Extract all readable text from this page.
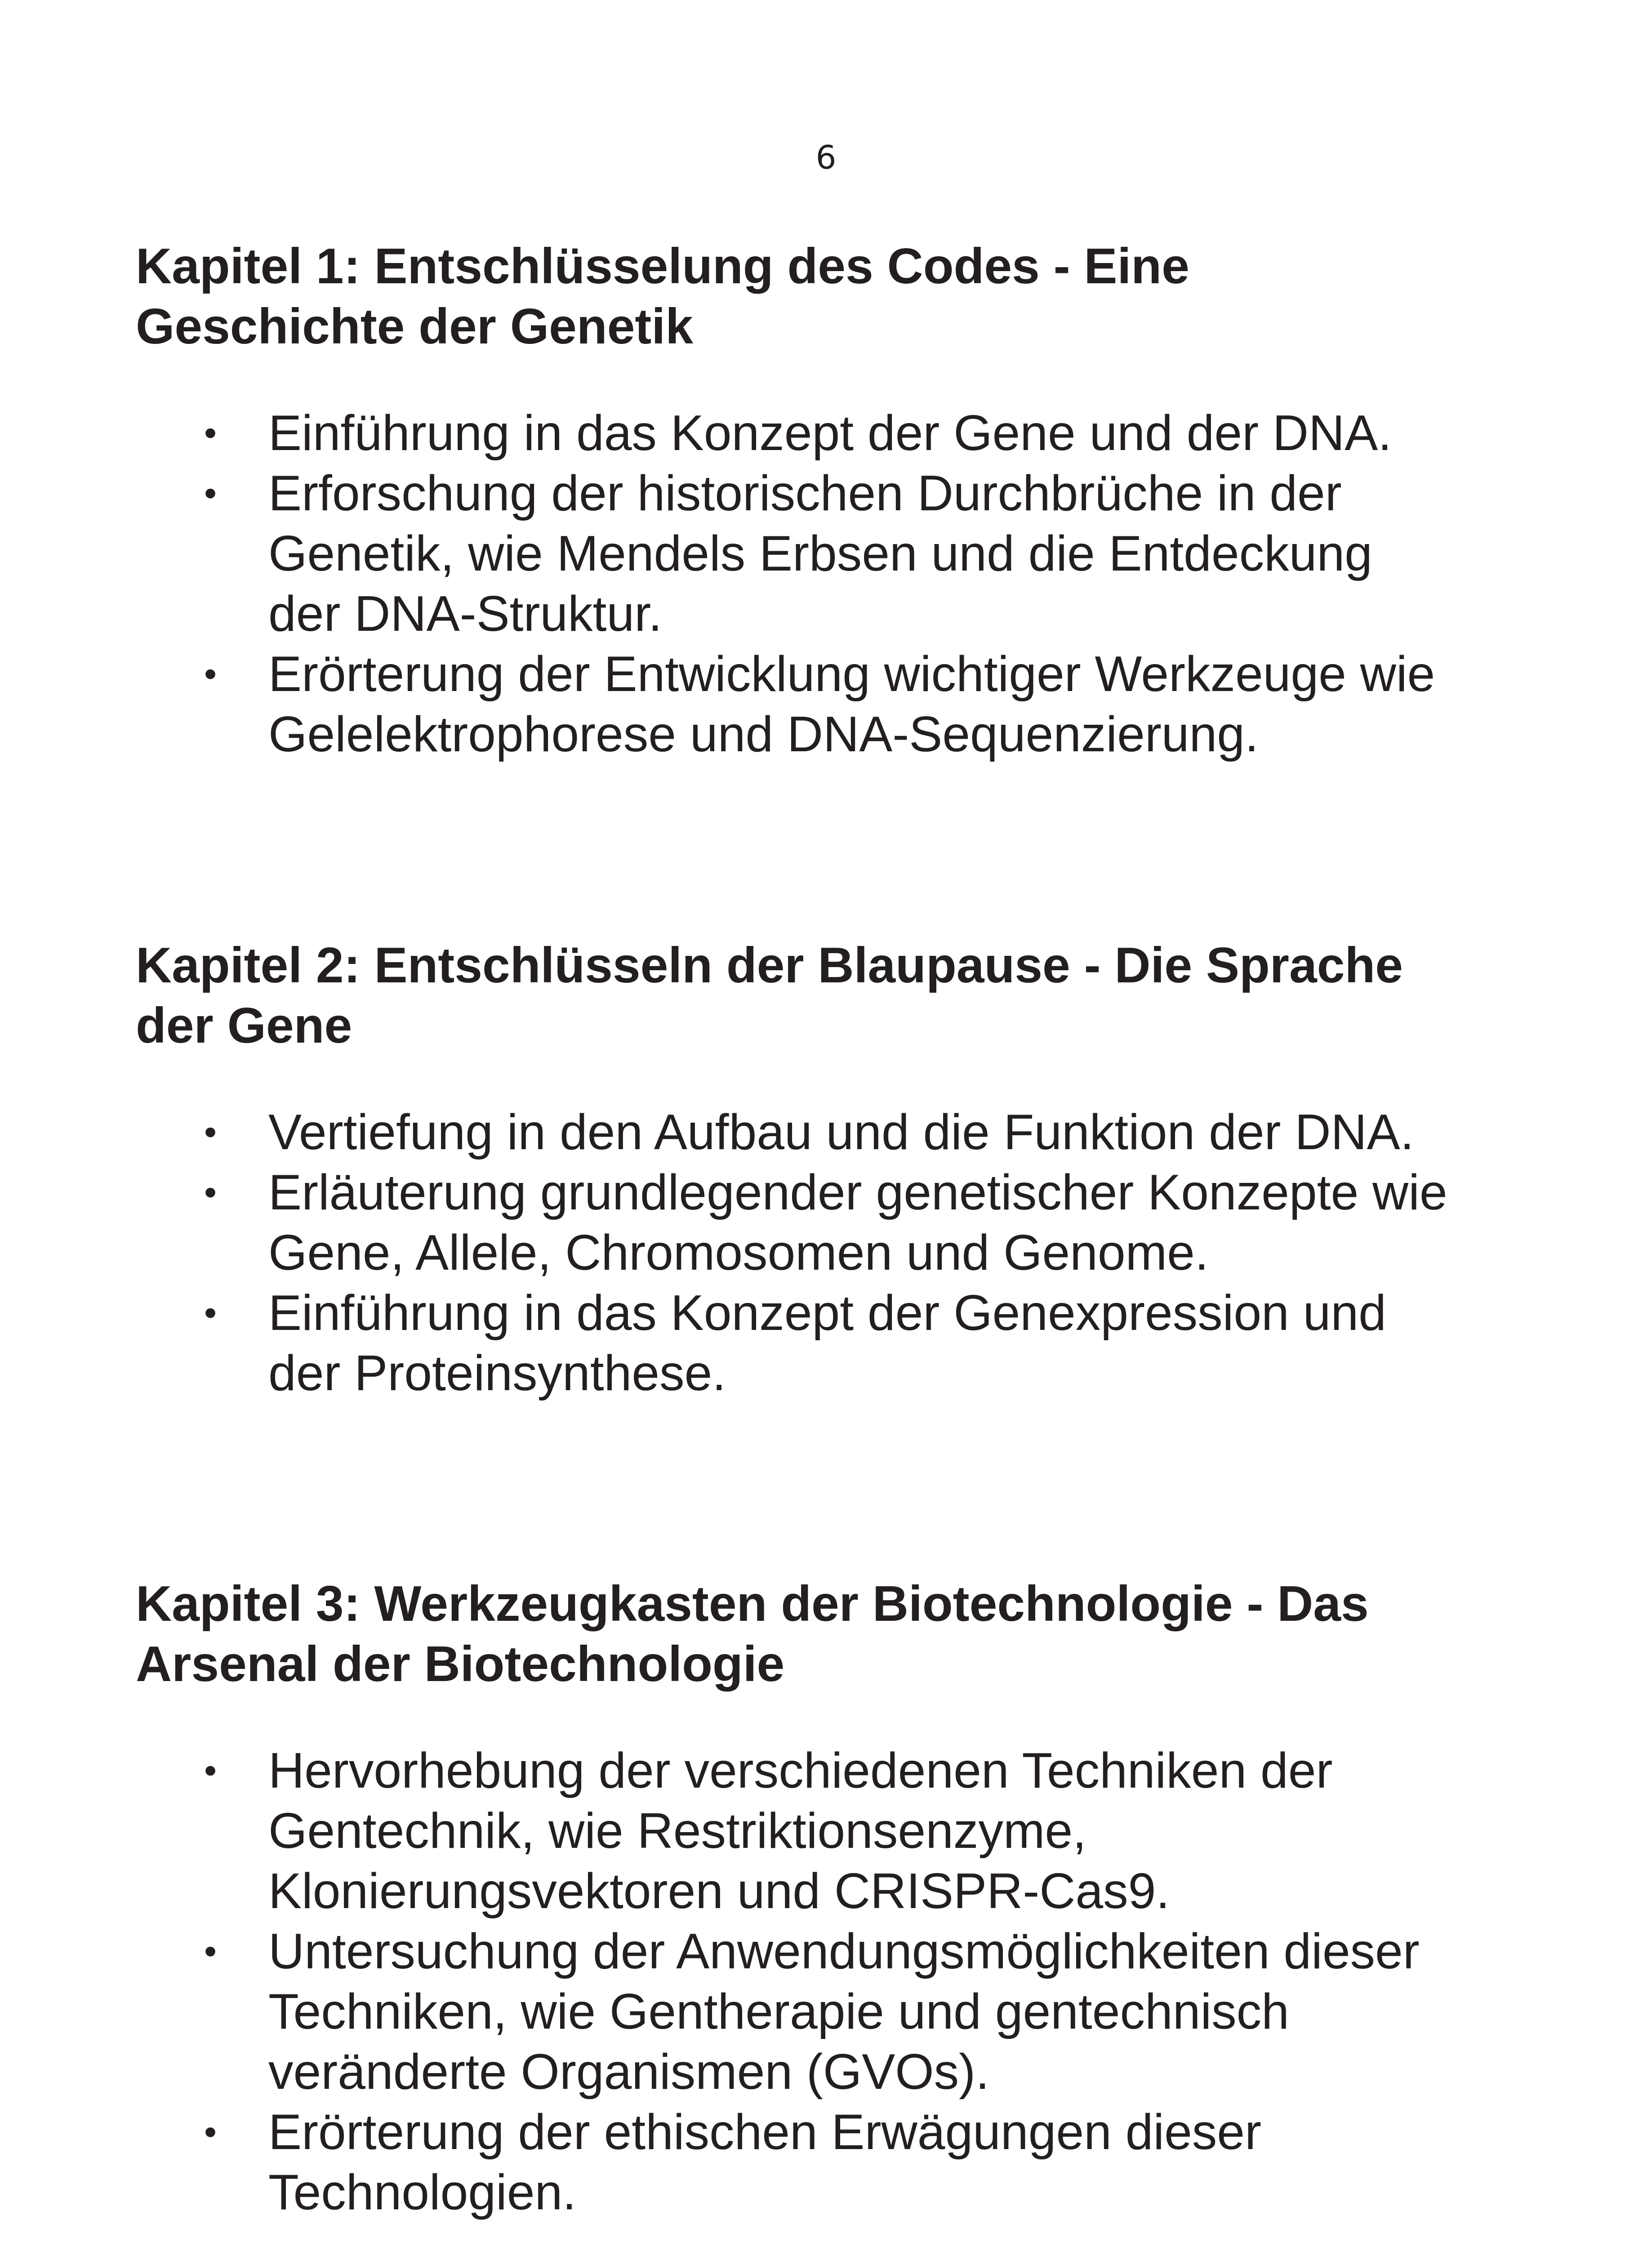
6
Kapitel 1: Entschlüsselung des Codes - Eine
Geschichte der Genetik
• Einführung in das Konzept der Gene und der DNA.
• Erforschung der historischen Durchbrüche in der
Genetik, wie Mendels Erbsen und die Entdeckung
der DNA-Struktur.
• Erörterung der Entwicklung wichtiger Werkzeuge wie
Gelelektrophorese und DNA-Sequenzierung.
Kapitel 2: Entschlüsseln der Blaupause - Die Sprache
der Gene
• Vertiefung in den Aufbau und die Funktion der DNA.
• Erläuterung grundlegender genetischer Konzepte wie
Gene, Allele, Chromosomen und Genome.
• Einführung in das Konzept der Genexpression und
der Proteinsynthese.
Kapitel 3: Werkzeugkasten der Biotechnologie - Das
Arsenal der Biotechnologie
• Hervorhebung der verschiedenen Techniken der
Gentechnik, wie Restriktionsenzyme,
Klonierungsvektoren und CRISPR-Cas9.
• Untersuchung der Anwendungsmöglichkeiten dieser
Techniken, wie Gentherapie und gentechnisch
veränderte Organismen (GVOs).
• Erörterung der ethischen Erwägungen dieser
Technologien.
